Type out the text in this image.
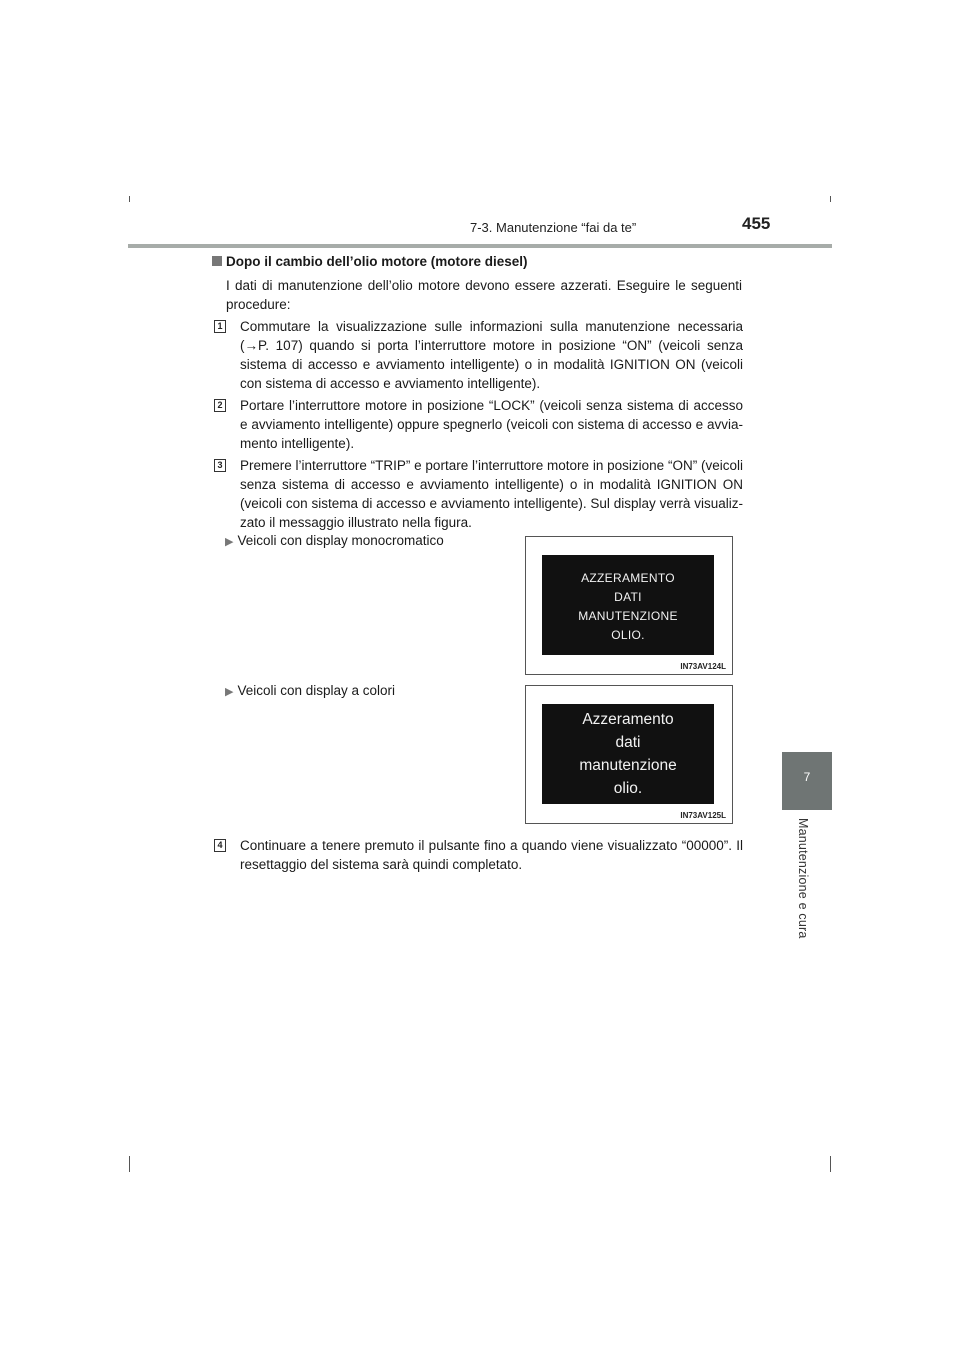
7-3. Manutenzione “fai da te”	455
7
Manutenzione e cura
Dopo il cambio dell’olio motore (motore diesel)
I dati di manutenzione dell’olio motore devono essere azzerati. Eseguire le seguenti procedure:
1 Commutare la visualizzazione sulle informazioni sulla manutenzione necessaria (→P. 107) quando si porta l’interruttore motore in posizione “ON” (veicoli senza sistema di accesso e avviamento intelligente) o in modalità IGNITION ON (veicoli con sistema di accesso e avviamento intelligente).
2 Portare l’interruttore motore in posizione “LOCK” (veicoli senza sistema di accesso e avviamento intelligente) oppure spegnerlo (veicoli con sistema di accesso e avvia-mento intelligente).
3 Premere l’interruttore “TRIP” e portare l’interruttore motore in posizione “ON” (veicoli senza sistema di accesso e avviamento intelligente) o in modalità IGNITION ON (veicoli con sistema di accesso e avviamento intelligente). Sul display verrà visualiz-zato il messaggio illustrato nella figura.
▶ Veicoli con display monocromatico
AZZERAMENTO
DATI
MANUTENZIONE
OLIO.
IN73AV124L
▶ Veicoli con display a colori
Azzeramento
dati
manutenzione
olio.
IN73AV125L
4 Continuare a tenere premuto il pulsante fino a quando viene visualizzato “00000”. Il resettaggio del sistema sarà quindi completato.
